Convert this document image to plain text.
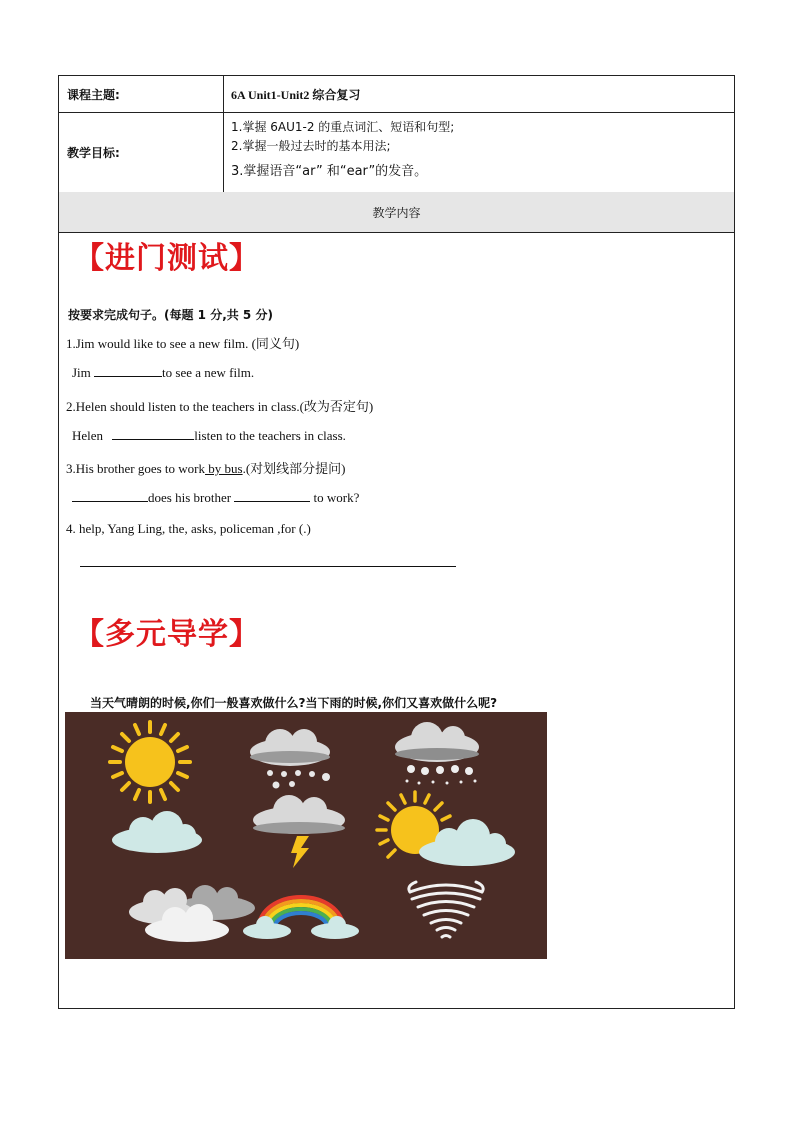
课程主题:	6A Unit1-Unit2 综合复习
教学目标:
1.掌握 6AU1-2 的重点词汇、短语和句型;
2.掌握一般过去时的基本用法;
3.掌握语音“ar” 和“ear”的发音。
教学内容
【进门测试】
按要求完成句子。(每题 1 分,共 5 分)
1.Jim would like to see a new film. (同义句)
Jim	to see a new film.
2.Helen should listen to the teachers in class.(改为否定句)
Helen	listen to the teachers in class.
3.His brother goes to work by bus.(对划线部分提问)
does his brother	to work?
4. help, Yang Ling, the, asks, policeman ,for (.)
【多元导学】
当天气晴朗的时候,你们一般喜欢做什么?当下雨的时候,你们又喜欢做什么呢?
